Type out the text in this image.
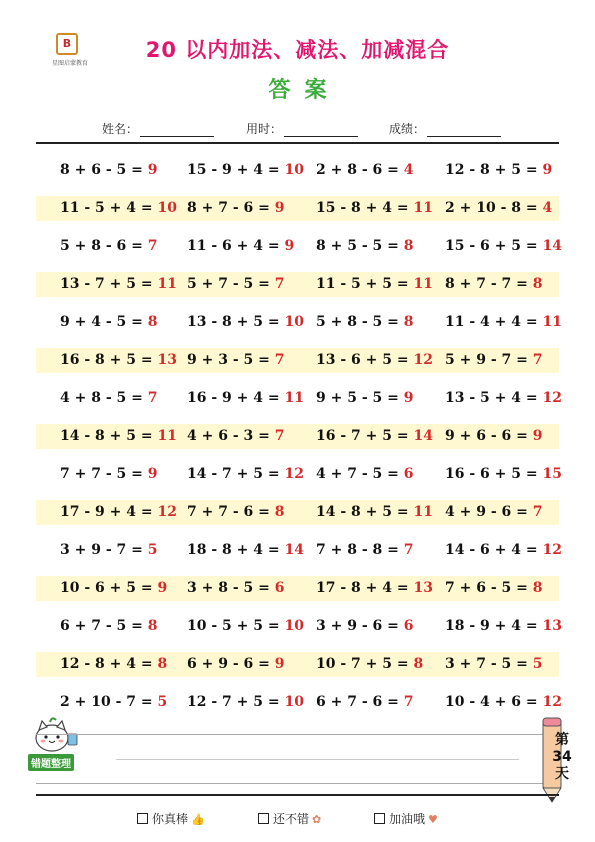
B
星图启蒙教育
20 以内加法、减法、加减混合
答案
姓名：	用时：	成绩：
8 + 6 - 5 = 9 15 - 9 + 4 = 10 2 + 8 - 6 = 4 12 - 8 + 5 = 9
11 - 5 + 4 = 10 8 + 7 - 6 = 9 15 - 8 + 4 = 11 2 + 10 - 8 = 4
5 + 8 - 6 = 7 11 - 6 + 4 = 9 8 + 5 - 5 = 8 15 - 6 + 5 = 14
13 - 7 + 5 = 11 5 + 7 - 5 = 7 11 - 5 + 5 = 11 8 + 7 - 7 = 8
9 + 4 - 5 = 8 13 - 8 + 5 = 10 5 + 8 - 5 = 8 11 - 4 + 4 = 11
16 - 8 + 5 = 13 9 + 3 - 5 = 7 13 - 6 + 5 = 12 5 + 9 - 7 = 7
4 + 8 - 5 = 7 16 - 9 + 4 = 11 9 + 5 - 5 = 9 13 - 5 + 4 = 12
14 - 8 + 5 = 11 4 + 6 - 3 = 7 16 - 7 + 5 = 14 9 + 6 - 6 = 9
7 + 7 - 5 = 9 14 - 7 + 5 = 12 4 + 7 - 5 = 6 16 - 6 + 5 = 15
17 - 9 + 4 = 12 7 + 7 - 6 = 8 14 - 8 + 5 = 11 4 + 9 - 6 = 7
3 + 9 - 7 = 5 18 - 8 + 4 = 14 7 + 8 - 8 = 7 14 - 6 + 4 = 12
10 - 6 + 5 = 9 3 + 8 - 5 = 6 17 - 8 + 4 = 13 7 + 6 - 5 = 8
6 + 7 - 5 = 8 10 - 5 + 5 = 10 3 + 9 - 6 = 6 18 - 9 + 4 = 13
12 - 8 + 4 = 8 6 + 9 - 6 = 9 10 - 7 + 5 = 8 3 + 7 - 5 = 5
2 + 10 - 7 = 5 12 - 7 + 5 = 10 6 + 7 - 6 = 7 10 - 4 + 6 = 12
错题整理
第
34
天
你真棒 👍	还不错 ✿	加油哦 ♥
